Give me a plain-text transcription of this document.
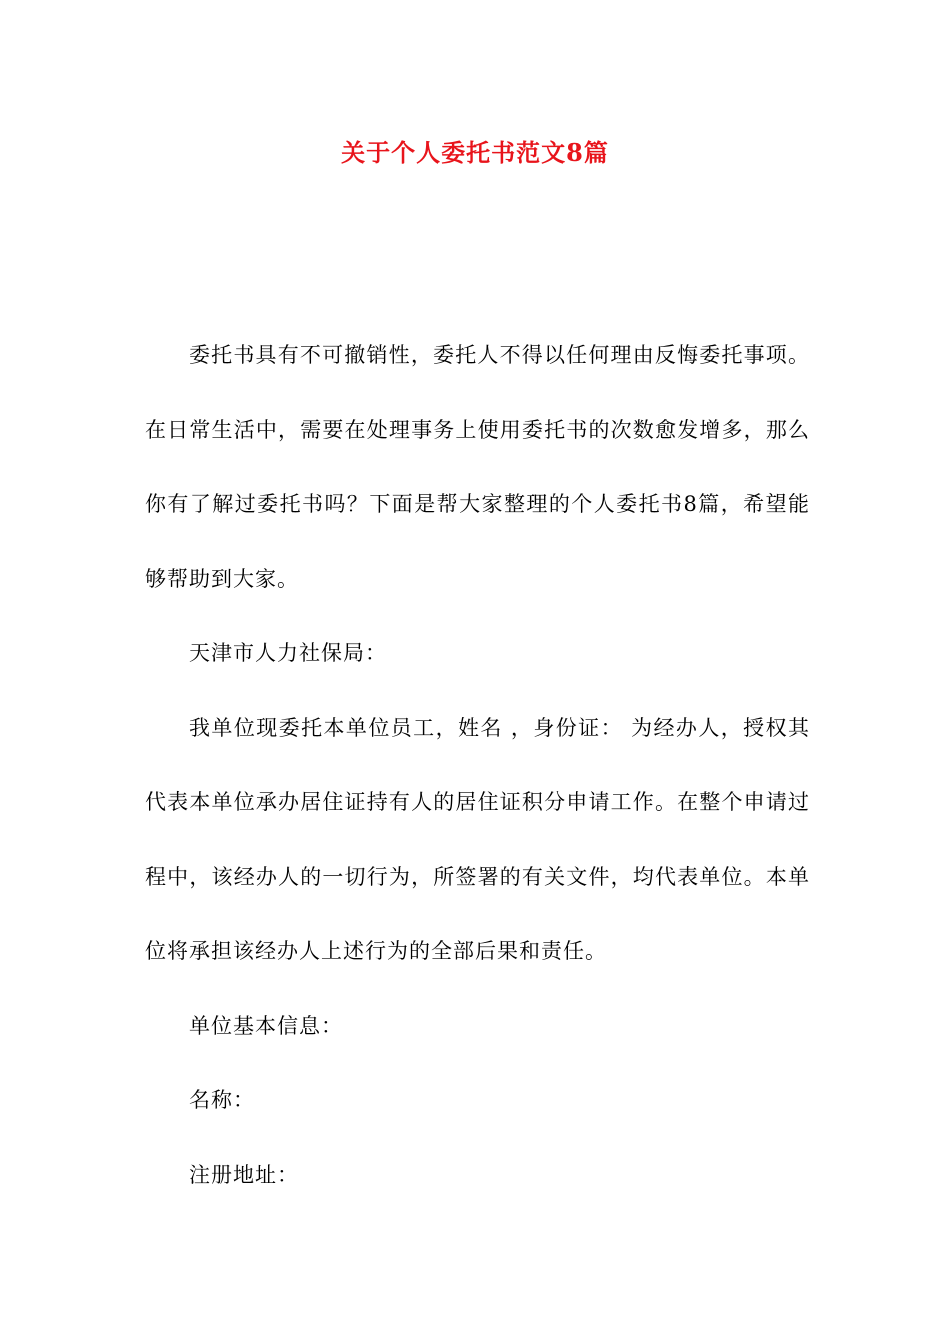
关于个人委托书范文8篇

委托书具有不可撤销性，委托人不得以任何理由反悔委托事项。在日常生活中，需要在处理事务上使用委托书的次数愈发增多，那么你有了解过委托书吗？下面是帮大家整理的个人委托书8篇，希望能够帮助到大家。

天津市人力社保局：

我单位现委托本单位员工，姓名 ，身份证： 为经办人，授权其代表本单位承办居住证持有人的居住证积分申请工作。在整个申请过程中，该经办人的一切行为，所签署的有关文件，均代表单位。本单位将承担该经办人上述行为的全部后果和责任。

单位基本信息：

名称：

注册地址：
